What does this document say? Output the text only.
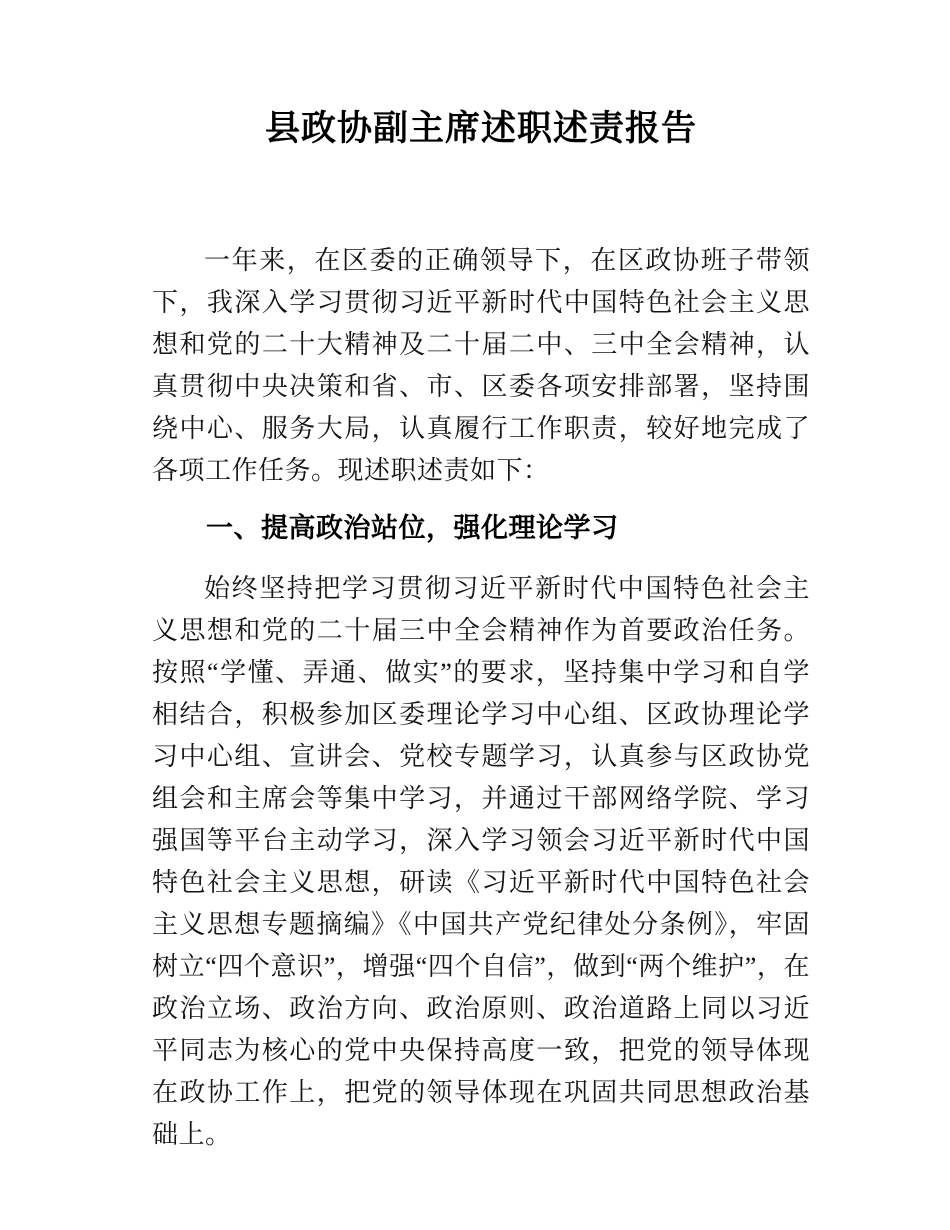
县政协副主席述职述责报告

一年来，在区委的正确领导下，在区政协班子带领下，我深入学习贯彻习近平新时代中国特色社会主义思想和党的二十大精神及二十届二中、三中全会精神，认真贯彻中央决策和省、市、区委各项安排部署，坚持围绕中心、服务大局，认真履行工作职责，较好地完成了各项工作任务。现述职述责如下：

一、提高政治站位，强化理论学习

始终坚持把学习贯彻习近平新时代中国特色社会主义思想和党的二十届三中全会精神作为首要政治任务。按照“学懂、弄通、做实”的要求，坚持集中学习和自学相结合，积极参加区委理论学习中心组、区政协理论学习中心组、宣讲会、党校专题学习，认真参与区政协党组会和主席会等集中学习，并通过干部网络学院、学习强国等平台主动学习，深入学习领会习近平新时代中国特色社会主义思想，研读《习近平新时代中国特色社会主义思想专题摘编》《中国共产党纪律处分条例》，牢固树立“四个意识”，增强“四个自信”，做到“两个维护”，在政治立场、政治方向、政治原则、政治道路上同以习近平同志为核心的党中央保持高度一致，把党的领导体现在政协工作上，把党的领导体现在巩固共同思想政治基础上。
